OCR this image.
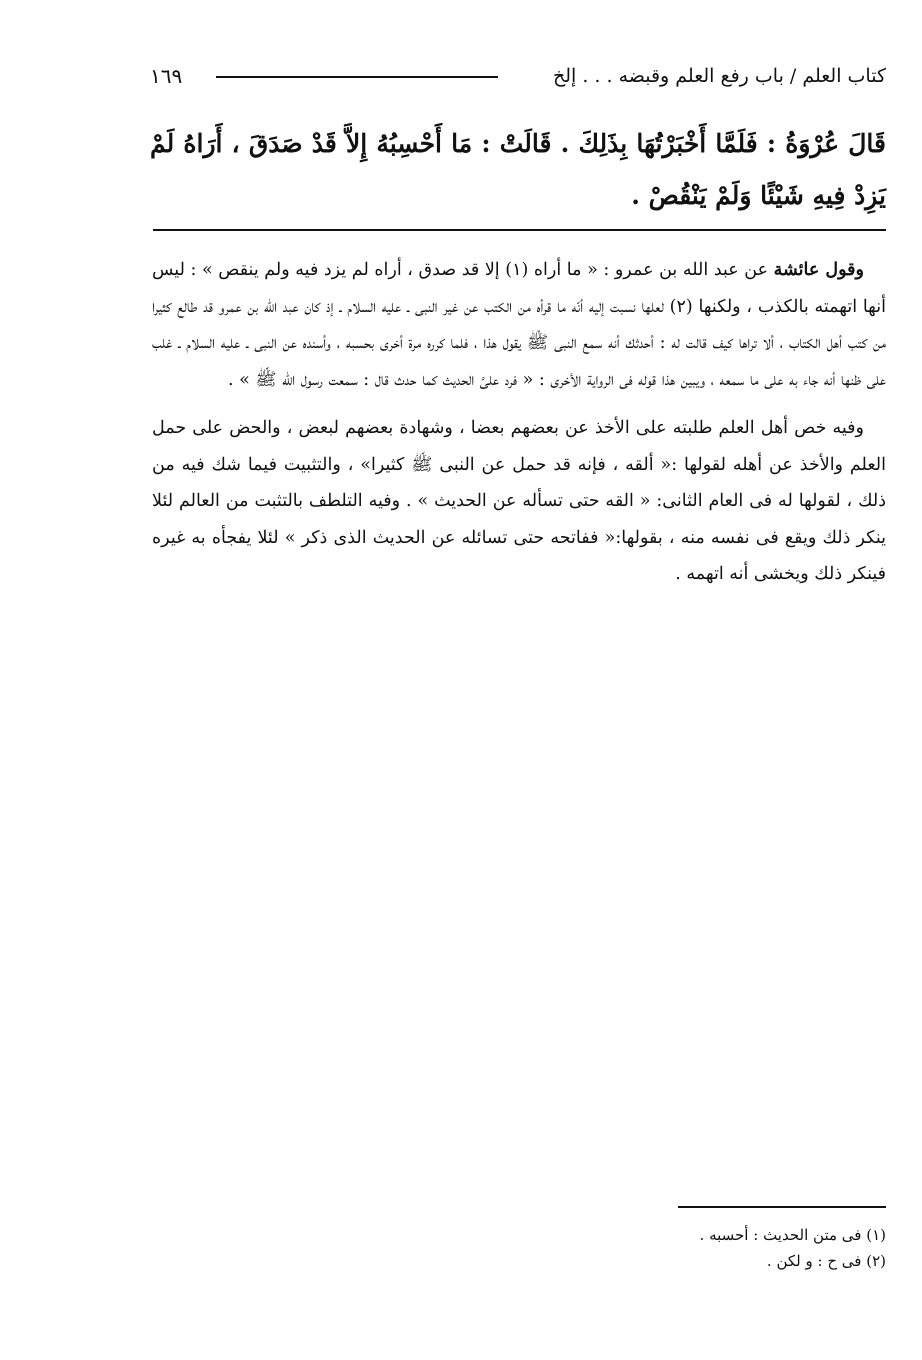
كتاب العلم / باب رفع العلم وقبضه . . . إلخ
١٦٩
قَالَ عُرْوَةُ : فَلَمَّا أَخْبَرْتُهَا بِذَلِكَ . قَالَتْ : مَا أَحْسِبُهُ إِلاَّ قَدْ صَدَقَ ، أَرَاهُ لَمْ يَزِدْ فِيهِ شَيْئًا وَلَمْ يَنْقُصْ .

وقول عائشة عن عبد الله بن عمرو : « ما أراه (١) إلا قد صدق ، أراه لم يزد فيه ولم ينقص » : ليس أنها اتهمته بالكذب ، ولكنها (٢) لعلها نسبت إليه أنّه ما قرأه من الكتب عن غير النبى ـ عليه السلام ـ إذ كان عبد الله بن عمرو قد طالع كثيرا من كتب أهل الكتاب ، ألا تراها كيف قالت له : أحدثك أنه سمع النبى ﷺ يقول هذا ، فلما كرره مرة أخرى بحسبه ، وأسنده عن النبى ـ عليه السلام ـ غلب على ظنها أنه جاء به على ما سمعه ، ويبين هذا قوله فى الرواية الأخرى : « فرد علىَّ الحديث كما حدث قال : سمعت رسول الله ﷺ » .

وفيه خص أهل العلم طلبته على الأخذ عن بعضهم بعضا ، وشهادة بعضهم لبعض ، والحض على حمل العلم والأخذ عن أهله لقولها :« ألقه ، فإنه قد حمل عن النبى ﷺ كثيرا» ، والتثبيت فيما شك فيه من ذلك ، لقولها له فى العام الثانى: « القه حتى تسأله عن الحديث » . وفيه التلطف بالتثبت من العالم لئلا ينكر ذلك ويقع فى نفسه منه ، بقولها:« ففاتحه حتى تسائله عن الحديث الذى ذكر » لئلا يفجأه به غيره فينكر ذلك ويخشى أنه اتهمه .

(١) فى متن الحديث : أحسبه .
(٢) فى ح : و لكن .
